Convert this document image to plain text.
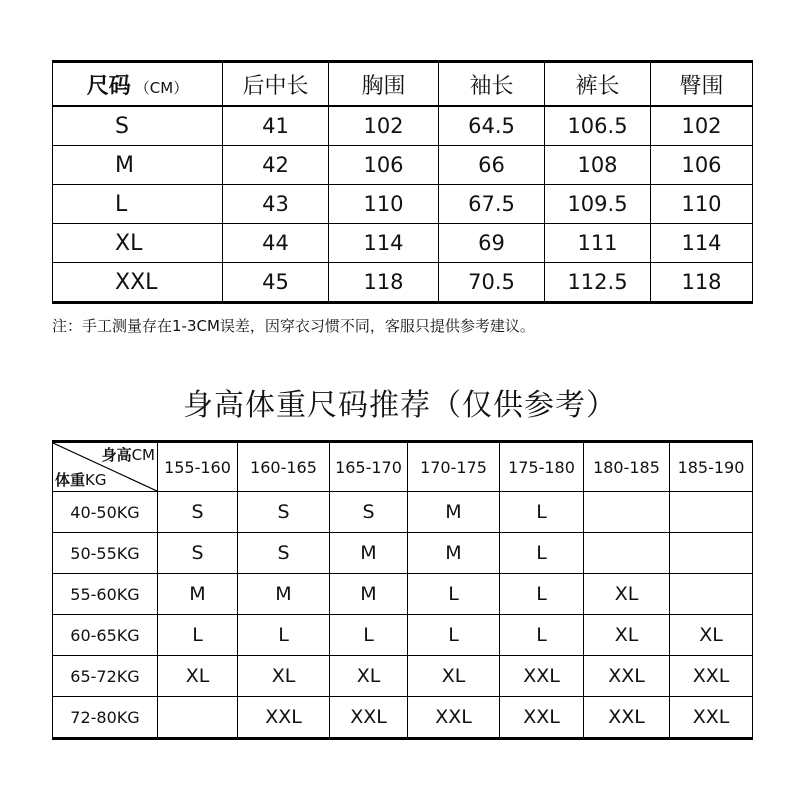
尺码 （CM）	后中长	胸围	袖长	裤长	臀围
S	41	102	64.5	106.5	102
M	42	106	66	108	106
L	43	110	67.5	109.5	110
XL	44	114	69	111	114
XXL	45	118	70.5	112.5	118
注：手工测量存在1-3CM误差，因穿衣习惯不同，客服只提供参考建议。
身高体重尺码推荐（仅供参考）
身高CM
体重KG	155-160	160-165	165-170	170-175	175-180	180-185	185-190
40-50KG	S	S	S	M	L		
50-55KG	S	S	M	M	L		
55-60KG	M	M	M	L	L	XL	
60-65KG	L	L	L	L	L	XL	XL
65-72KG	XL	XL	XL	XL	XXL	XXL	XXL
72-80KG		XXL	XXL	XXL	XXL	XXL	XXL
